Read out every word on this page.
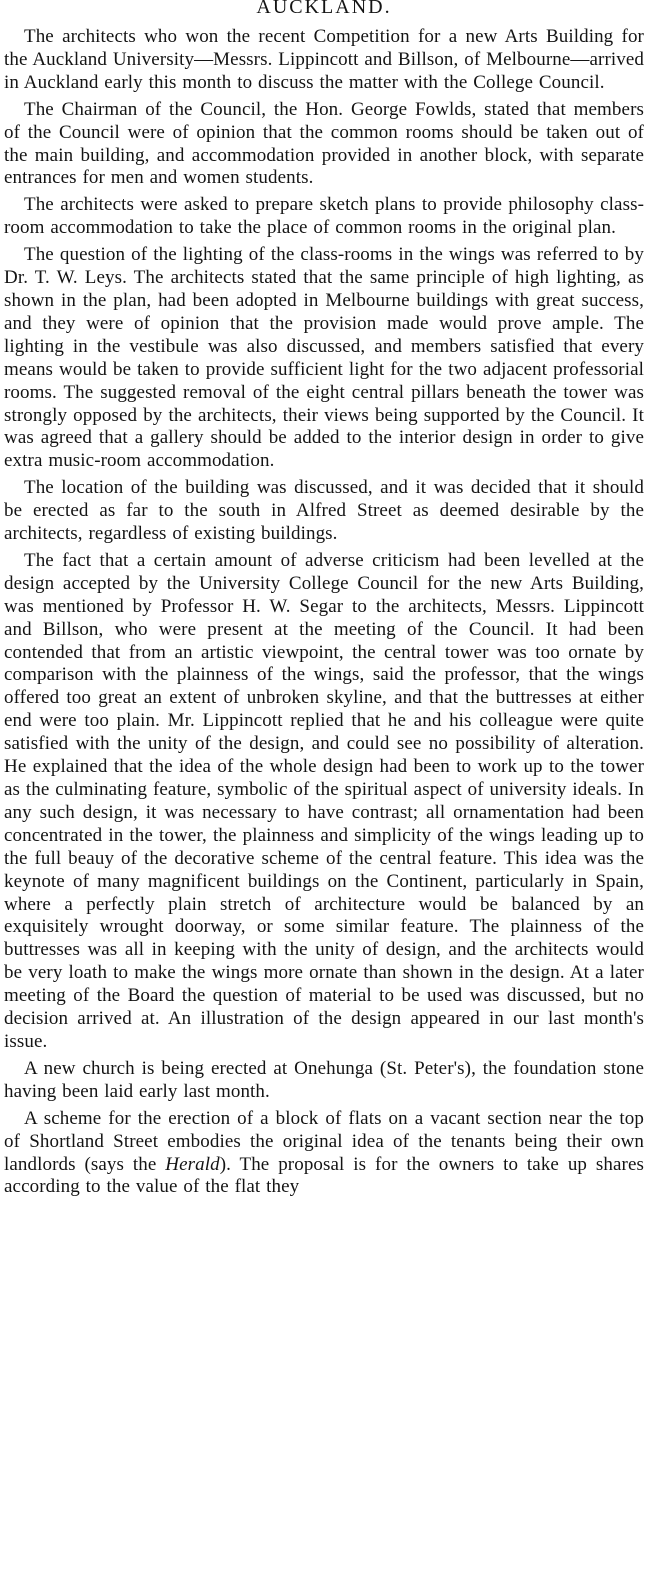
AUCKLAND.

The architects who won the recent Competition for a new Arts Building for the Auckland University—Messrs. Lippincott and Billson, of Melbourne—arrived in Auckland early this month to discuss the matter with the College Council.

The Chairman of the Council, the Hon. George Fowlds, stated that members of the Council were of opinion that the common rooms should be taken out of the main building, and accommodation provided in another block, with separate entrances for men and women students.

The architects were asked to prepare sketch plans to provide philosophy class-room accommodation to take the place of common rooms in the original plan.

The question of the lighting of the class-rooms in the wings was referred to by Dr. T. W. Leys. The architects stated that the same principle of high lighting, as shown in the plan, had been adopted in Melbourne buildings with great success, and they were of opinion that the provision made would prove ample. The lighting in the vestibule was also discussed, and members satisfied that every means would be taken to provide sufficient light for the two adjacent professorial rooms. The suggested removal of the eight central pillars beneath the tower was strongly opposed by the architects, their views being supported by the Council. It was agreed that a gallery should be added to the interior design in order to give extra music-room accommodation.

The location of the building was discussed, and it was decided that it should be erected as far to the south in Alfred Street as deemed desirable by the architects, regardless of existing buildings.

The fact that a certain amount of adverse criticism had been levelled at the design accepted by the University College Council for the new Arts Building, was mentioned by Professor H. W. Segar to the architects, Messrs. Lippincott and Billson, who were present at the meeting of the Council. It had been contended that from an artistic viewpoint, the central tower was too ornate by comparison with the plainness of the wings, said the professor, that the wings offered too great an extent of unbroken skyline, and that the buttresses at either end were too plain. Mr. Lippincott replied that he and his colleague were quite satisfied with the unity of the design, and could see no possibility of alteration. He explained that the idea of the whole design had been to work up to the tower as the culminating feature, symbolic of the spiritual aspect of university ideals. In any such design, it was necessary to have contrast; all ornamentation had been concentrated in the tower, the plainness and simplicity of the wings leading up to the full beauy of the decorative scheme of the central feature. This idea was the keynote of many magnificent buildings on the Continent, particularly in Spain, where a perfectly plain stretch of architecture would be balanced by an exquisitely wrought doorway, or some similar feature. The plainness of the buttresses was all in keeping with the unity of design, and the architects would be very loath to make the wings more ornate than shown in the design. At a later meeting of the Board the question of material to be used was discussed, but no decision arrived at. An illustration of the design appeared in our last month's issue.

A new church is being erected at Onehunga (St. Peter's), the foundation stone having been laid early last month.

A scheme for the erection of a block of flats on a vacant section near the top of Shortland Street embodies the original idea of the tenants being their own landlords (says the Herald). The proposal is for the owners to take up shares according to the value of the flat they
